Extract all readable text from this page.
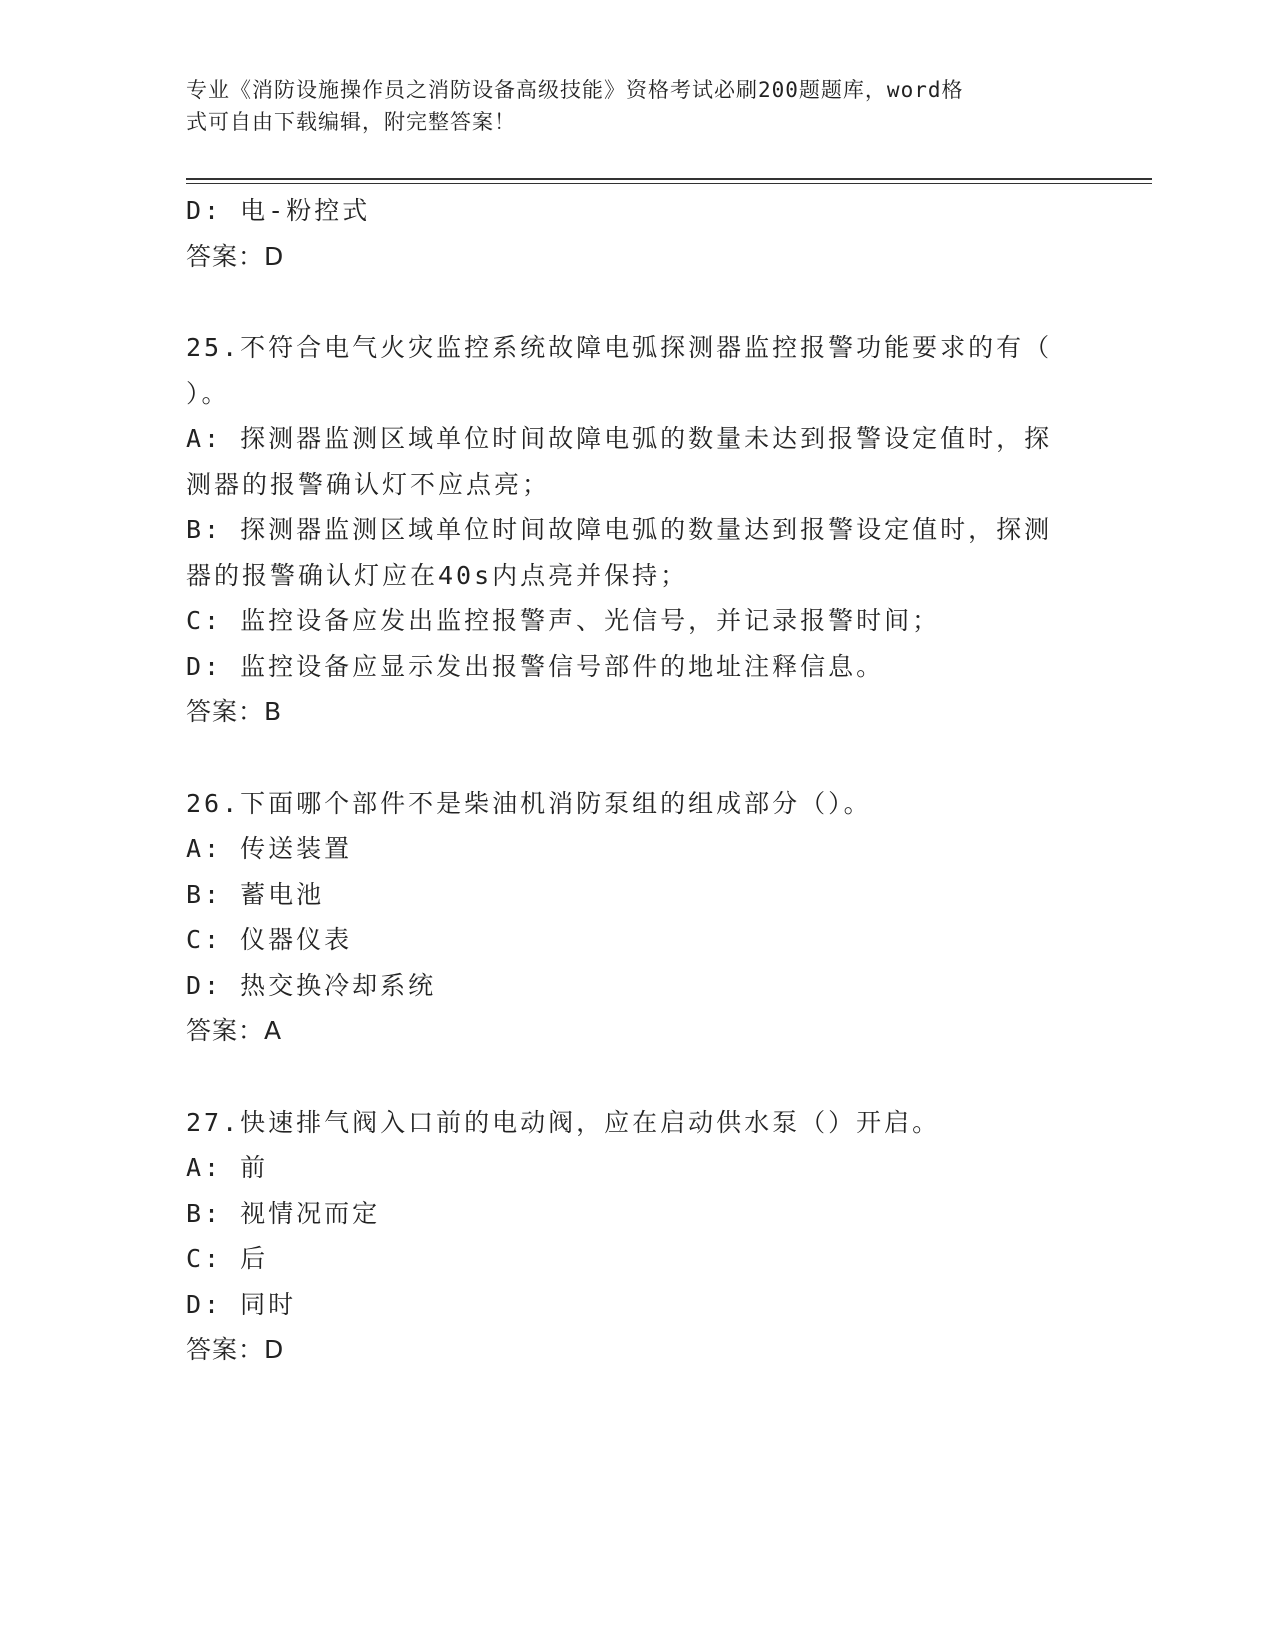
专业《消防设施操作员之消防设备高级技能》资格考试必刷200题题库，word格
式可自由下载编辑，附完整答案！
D: 电-粉控式
答案：D
25.不符合电气火灾监控系统故障电弧探测器监控报警功能要求的有（
）。
A: 探测器监测区域单位时间故障电弧的数量未达到报警设定值时，探
测器的报警确认灯不应点亮；
B: 探测器监测区域单位时间故障电弧的数量达到报警设定值时，探测
器的报警确认灯应在40s内点亮并保持；
C: 监控设备应发出监控报警声、光信号，并记录报警时间；
D: 监控设备应显示发出报警信号部件的地址注释信息。
答案：B
26.下面哪个部件不是柴油机消防泵组的组成部分（）。
A: 传送装置
B: 蓄电池
C: 仪器仪表
D: 热交换冷却系统
答案：A
27.快速排气阀入口前的电动阀，应在启动供水泵（）开启。
A: 前
B: 视情况而定
C: 后
D: 同时
答案：D
